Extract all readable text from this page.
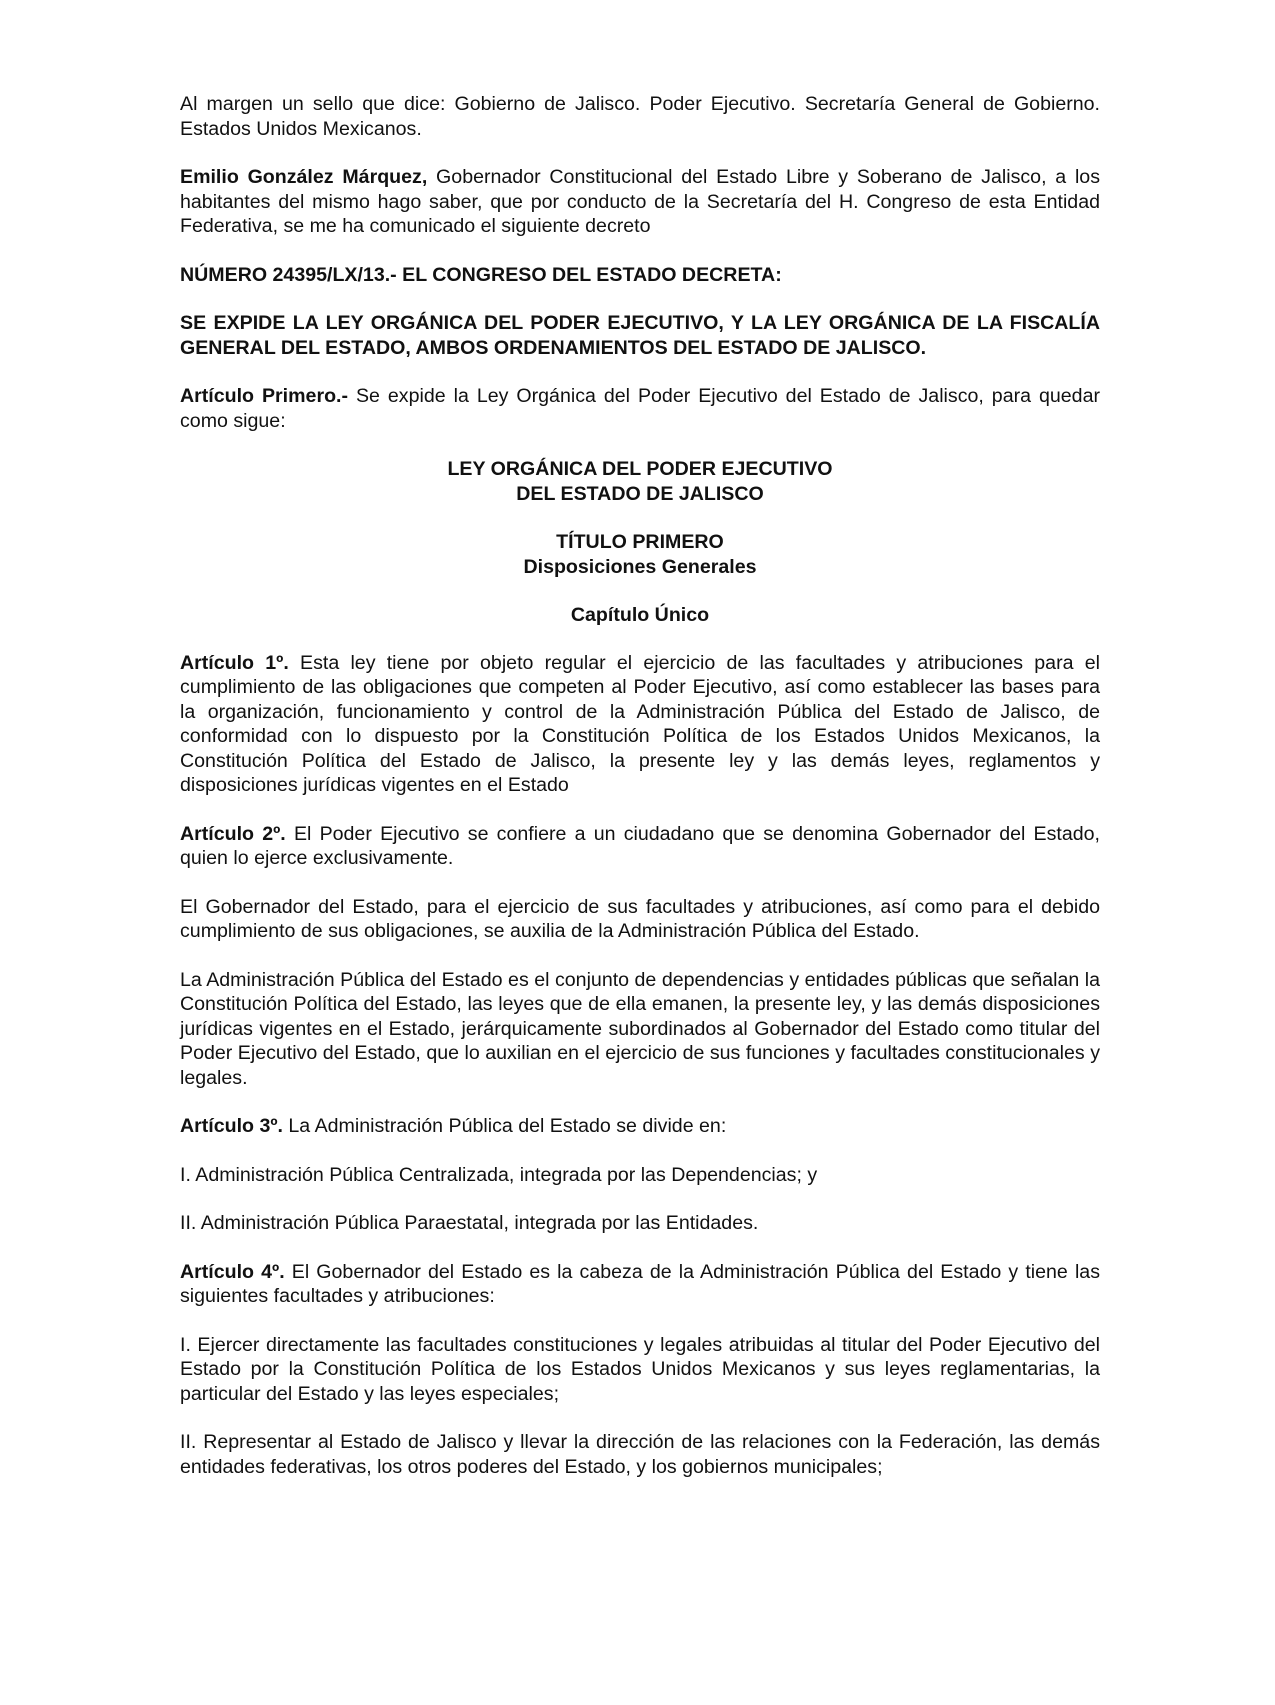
Al margen un sello que dice: Gobierno de Jalisco. Poder Ejecutivo. Secretaría General de Gobierno. Estados Unidos Mexicanos.

Emilio González Márquez, Gobernador Constitucional del Estado Libre y Soberano de Jalisco, a los habitantes del mismo hago saber, que por conducto de la Secretaría del H. Congreso de esta Entidad Federativa, se me ha comunicado el siguiente decreto

NÚMERO 24395/LX/13.- EL CONGRESO DEL ESTADO DECRETA:

SE EXPIDE LA LEY ORGÁNICA DEL PODER EJECUTIVO, Y LA LEY ORGÁNICA DE LA FISCALÍA GENERAL DEL ESTADO, AMBOS ORDENAMIENTOS DEL ESTADO DE JALISCO.

Artículo Primero.- Se expide la Ley Orgánica del Poder Ejecutivo del Estado de Jalisco, para quedar como sigue:

LEY ORGÁNICA DEL PODER EJECUTIVO
DEL ESTADO DE JALISCO
TÍTULO PRIMERO
Disposiciones Generales
Capítulo Único

Artículo 1º. Esta ley tiene por objeto regular el ejercicio de las facultades y atribuciones para el cumplimiento de las obligaciones que competen al Poder Ejecutivo, así como establecer las bases para la organización, funcionamiento y control de la Administración Pública del Estado de Jalisco, de conformidad con lo dispuesto por la Constitución Política de los Estados Unidos Mexicanos, la Constitución Política del Estado de Jalisco, la presente ley y las demás leyes, reglamentos y disposiciones jurídicas vigentes en el Estado

Artículo 2º. El Poder Ejecutivo se confiere a un ciudadano que se denomina Gobernador del Estado, quien lo ejerce exclusivamente.

El Gobernador del Estado, para el ejercicio de sus facultades y atribuciones, así como para el debido cumplimiento de sus obligaciones, se auxilia de la Administración Pública del Estado.

La Administración Pública del Estado es el conjunto de dependencias y entidades públicas que señalan la Constitución Política del Estado, las leyes que de ella emanen, la presente ley, y las demás disposiciones jurídicas vigentes en el Estado, jerárquicamente subordinados al Gobernador del Estado como titular del Poder Ejecutivo del Estado, que lo auxilian en el ejercicio de sus funciones y facultades constitucionales y legales.

Artículo 3º. La Administración Pública del Estado se divide en:

I. Administración Pública Centralizada, integrada por las Dependencias; y

II. Administración Pública Paraestatal, integrada por las Entidades.

Artículo 4º. El Gobernador del Estado es la cabeza de la Administración Pública del Estado y tiene las siguientes facultades y atribuciones:

I. Ejercer directamente las facultades constituciones y legales atribuidas al titular del Poder Ejecutivo del Estado por la Constitución Política de los Estados Unidos Mexicanos y sus leyes reglamentarias, la particular del Estado y las leyes especiales;

II. Representar al Estado de Jalisco y llevar la dirección de las relaciones con la Federación, las demás entidades federativas, los otros poderes del Estado, y los gobiernos municipales;
